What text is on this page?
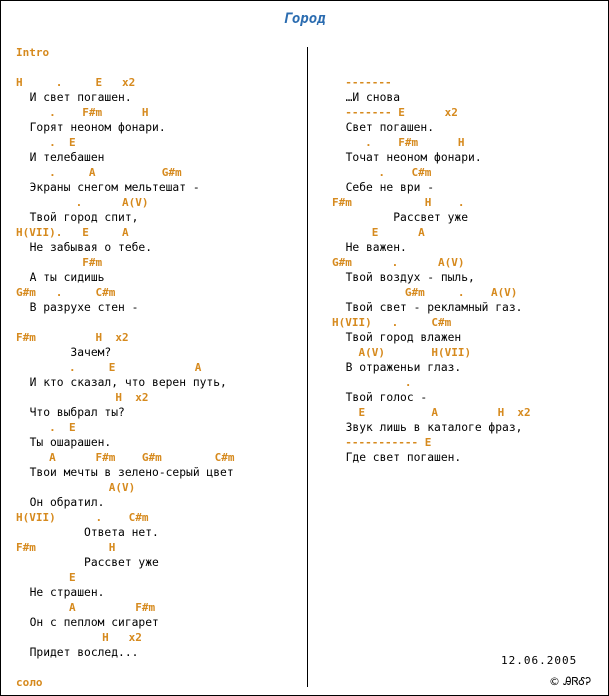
Город
Intro
H     .     E   x2
И свет погашен.
.    F#m      H
Горят неоном фонари.
.  E
И телебашен
.     A          G#m
Экраны снегом мельтешат -
.      A(V)
Твой город спит,
H(VII).   E     A
Не забывая о тебе.
F#m
А ты сидишь
G#m   .     C#m
В разрухе стен -
F#m         H  x2
Зачем?
.     E            A
И кто сказал, что верен путь,
H  x2
Что выбрал ты?
.  E
Ты ошарашен.
A      F#m    G#m        C#m
Твои мечты в зелено-серый цвет
A(V)
Он обратил.
H(VII)      .    C#m
Ответа нет.
F#m           H
Рассвет уже
E
Не страшен.
A         F#m
Он с пеплом сигарет
H   x2
Придет вослед...
соло
-------
…И снова
------- E      x2
Свет погашен.
.    F#m      H
Точат неоном фонари.
.    C#m
Себе не ври -
F#m           H    .
Рассвет уже
E      A
Не важен.
G#m      .      A(V)
Твой воздух - пыль,
G#m     .    A(V)
Твой свет - рекламный газ.
H(VII)   .     C#m
Твой город влажен
A(V)       H(VII)
В отраженьи глаз.
.
Твой голос -
E          A         H  x2
Звук лишь в каталоге фраз,
----------- E
Где свет погашен.
12.06.2005
© ᎯᏒᎴᎮ
